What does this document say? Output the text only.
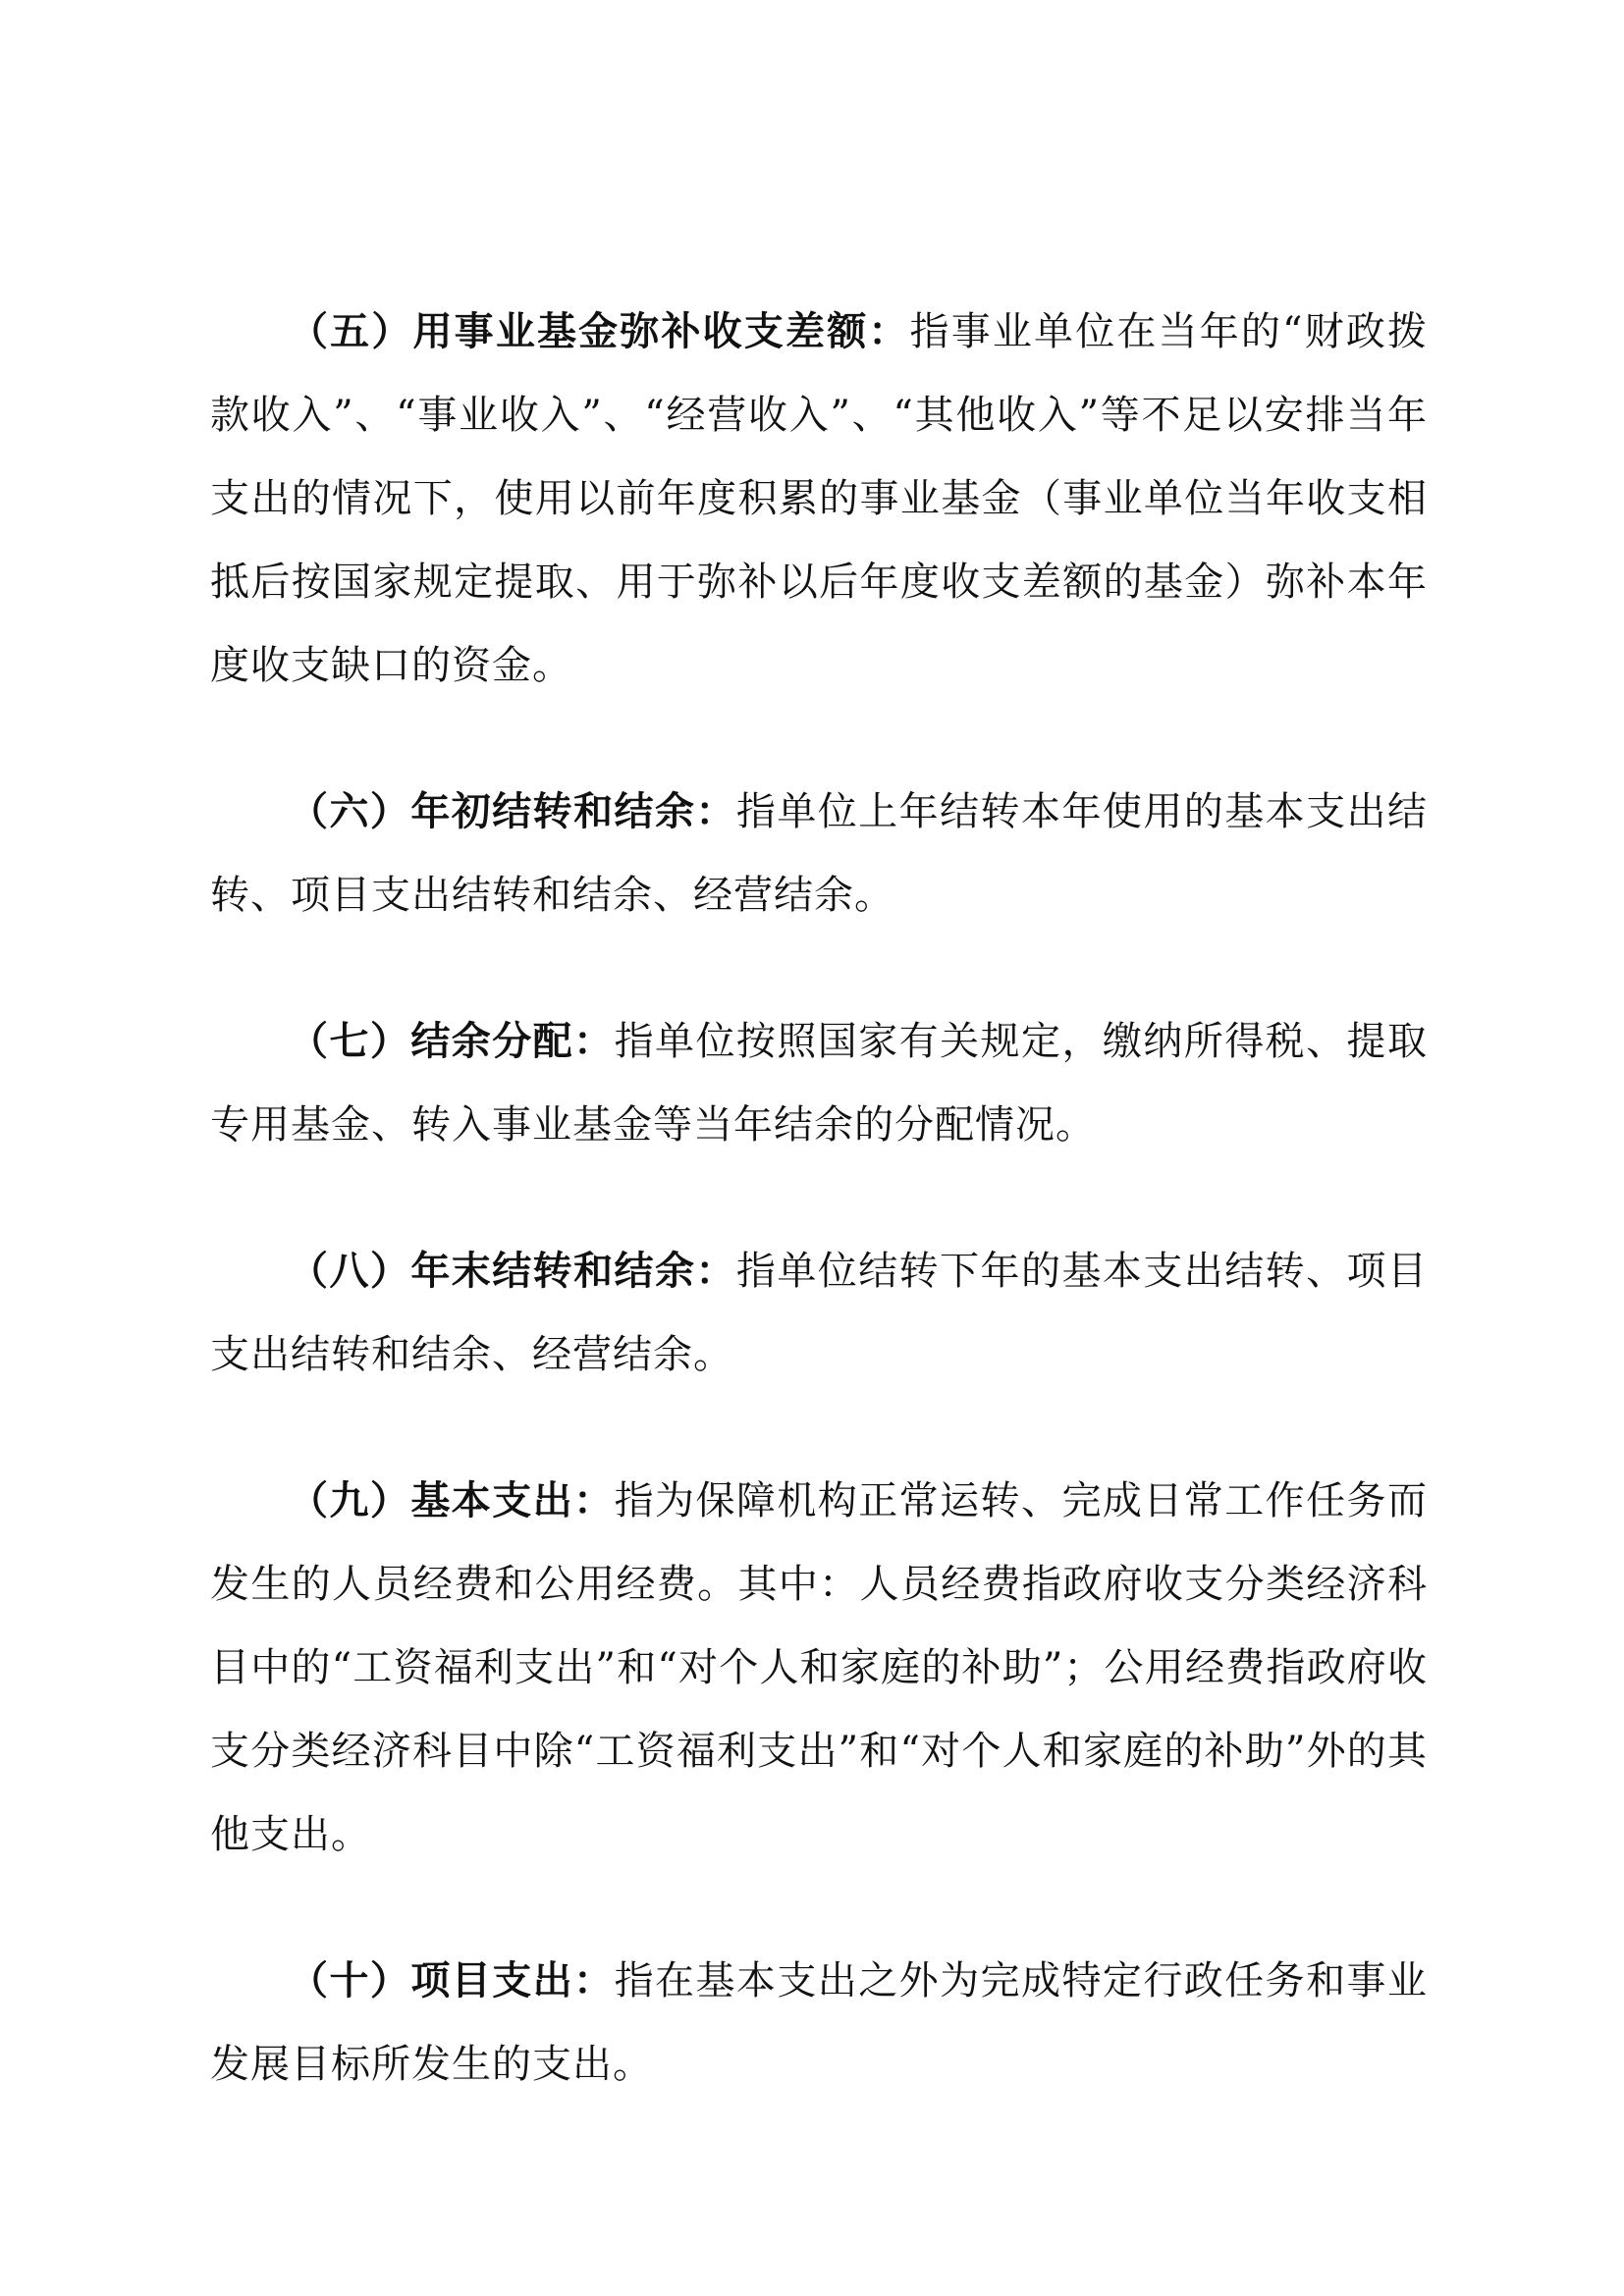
（五）用事业基金弥补收支差额：指事业单位在当年的“财政拨款收入”、“事业收入”、“经营收入”、“其他收入”等不足以安排当年支出的情况下，使用以前年度积累的事业基金（事业单位当年收支相抵后按国家规定提取、用于弥补以后年度收支差额的基金）弥补本年度收支缺口的资金。

（六）年初结转和结余：指单位上年结转本年使用的基本支出结转、项目支出结转和结余、经营结余。

（七）结余分配：指单位按照国家有关规定，缴纳所得税、提取专用基金、转入事业基金等当年结余的分配情况。

（八）年末结转和结余：指单位结转下年的基本支出结转、项目支出结转和结余、经营结余。

（九）基本支出：指为保障机构正常运转、完成日常工作任务而发生的人员经费和公用经费。其中：人员经费指政府收支分类经济科目中的“工资福利支出”和“对个人和家庭的补助”；公用经费指政府收支分类经济科目中除“工资福利支出”和“对个人和家庭的补助”外的其他支出。

（十）项目支出：指在基本支出之外为完成特定行政任务和事业发展目标所发生的支出。
